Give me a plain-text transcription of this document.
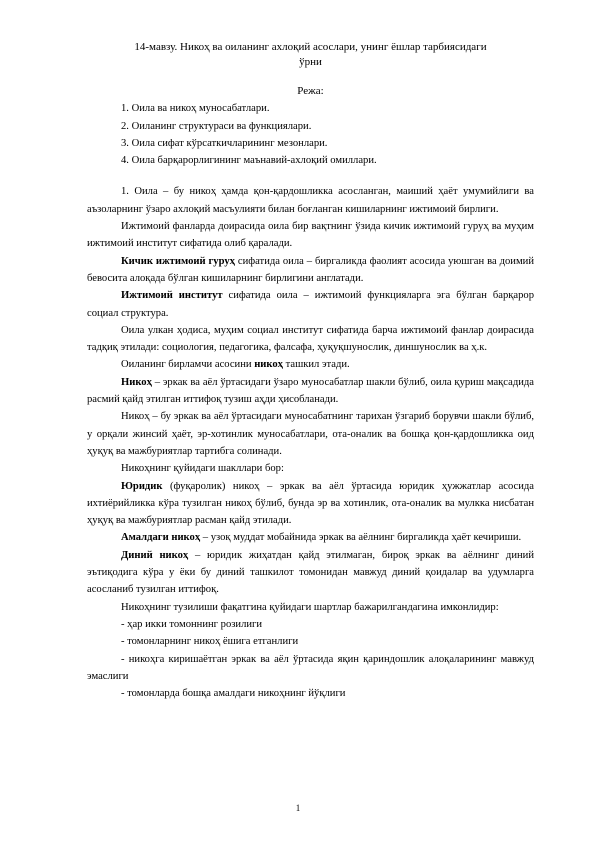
14-мавзу. Никоҳ ва оиланинг ахлоқий асослари, унинг ёшлар тарбиясидаги
ўрни
Режа:
1. Оила ва никоҳ муносабатлари.
2. Оиланинг структураси ва функциялари.
3. Оила сифат кўрсаткичларининг мезонлари.
4. Оила барқарорлигининг маънавий-ахлоқий омиллари.

1. Оила – бу никоҳ ҳамда қон-қардошликка асосланган, маиший ҳаёт умумийлиги ва аъзоларнинг ўзаро ахлоқий масъулияти билан боғланган кишиларнинг ижтимоий бирлиги.

Ижтимоий фанларда доирасида оила бир вақтнинг ўзида кичик ижтимоий гуруҳ ва муҳим ижтимоий институт сифатида олиб қаралади.

Кичик ижтимоий гуруҳ сифатида оила – биргаликда фаолият асосида уюшган ва доимий бевосита алоқада бўлган кишиларнинг бирлигини англатади.

Ижтимоий институт сифатида оила – ижтимоий функцияларга эга бўлган барқарор социал структура.

Оила улкан ҳодиса, муҳим социал институт сифатида барча ижтимоий фанлар доирасида тадқиқ этилади: социология, педагогика, фалсафа, ҳуқуқшунослик, диншунослик ва ҳ.к.

Оиланинг бирламчи асосини никоҳ ташкил этади.

Никоҳ – эркак ва аёл ўртасидаги ўзаро муносабатлар шакли бўлиб, оила қуриш мақсадида расмий қайд этилган иттифоқ тузиш аҳди ҳисобланади.

Никоҳ – бу эркак ва аёл ўртасидаги муносабатнинг тарихан ўзгариб борувчи шакли бўлиб, у орқали жинсий ҳаёт, эр-хотинлик муносабатлари, ота-оналик ва бошқа қон-қардошликка оид ҳуқуқ ва мажбуриятлар тартибга солинади.

Никоҳнинг қуйидаги шакллари бор:

Юридик (фуқаролик) никоҳ – эркак ва аёл ўртасида юридик ҳужжатлар асосида ихтиёрийликка кўра тузилган никоҳ бўлиб, бунда эр ва хотинлик, ота-оналик ва мулкка нисбатан ҳуқуқ ва мажбуриятлар расман қайд этилади.

Амалдаги никоҳ – узоқ муддат мобайнида эркак ва аёлнинг биргаликда ҳаёт кечириши.

Диний никоҳ – юридик жиҳатдан қайд этилмаган, бироқ эркак ва аёлнинг диний эътиқодига кўра у ёки бу диний ташкилот томонидан мавжуд диний қоидалар ва удумларга асосланиб тузилган иттифоқ.

Никоҳнинг тузилиши фақатгина қуйидаги шартлар бажарилгандагина имконлидир:

- ҳар икки томоннинг розилиги

- томонларнинг никоҳ ёшига етганлиги

- никоҳга киришаётган эркак ва аёл ўртасида яқин қариндошлик алоқаларининг мавжуд эмаслиги

- томонларда бошқа амалдаги никоҳнинг йўқлиги

1
